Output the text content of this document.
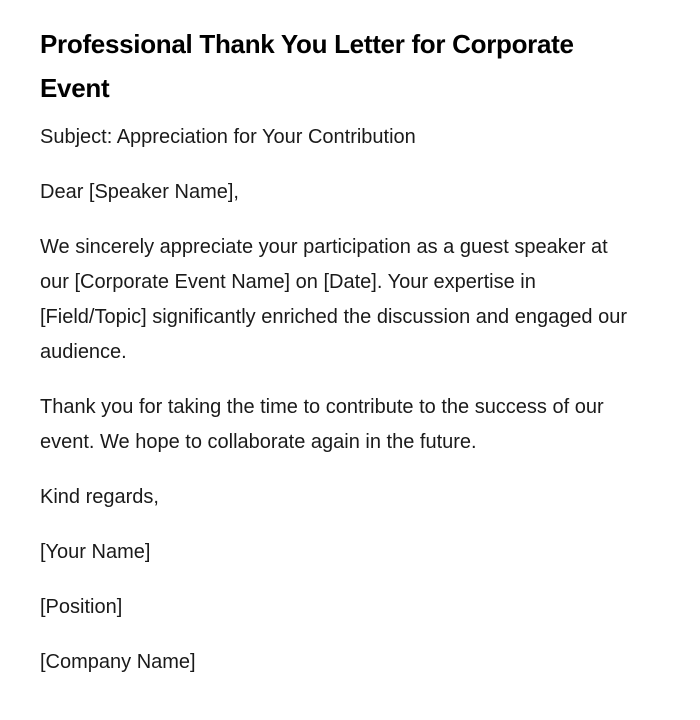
Professional Thank You Letter for Corporate Event

Subject: Appreciation for Your Contribution

Dear [Speaker Name],

We sincerely appreciate your participation as a guest speaker at our [Corporate Event Name] on [Date]. Your expertise in [Field/Topic] significantly enriched the discussion and engaged our audience.

Thank you for taking the time to contribute to the success of our event. We hope to collaborate again in the future.

Kind regards,

[Your Name]

[Position]

[Company Name]
